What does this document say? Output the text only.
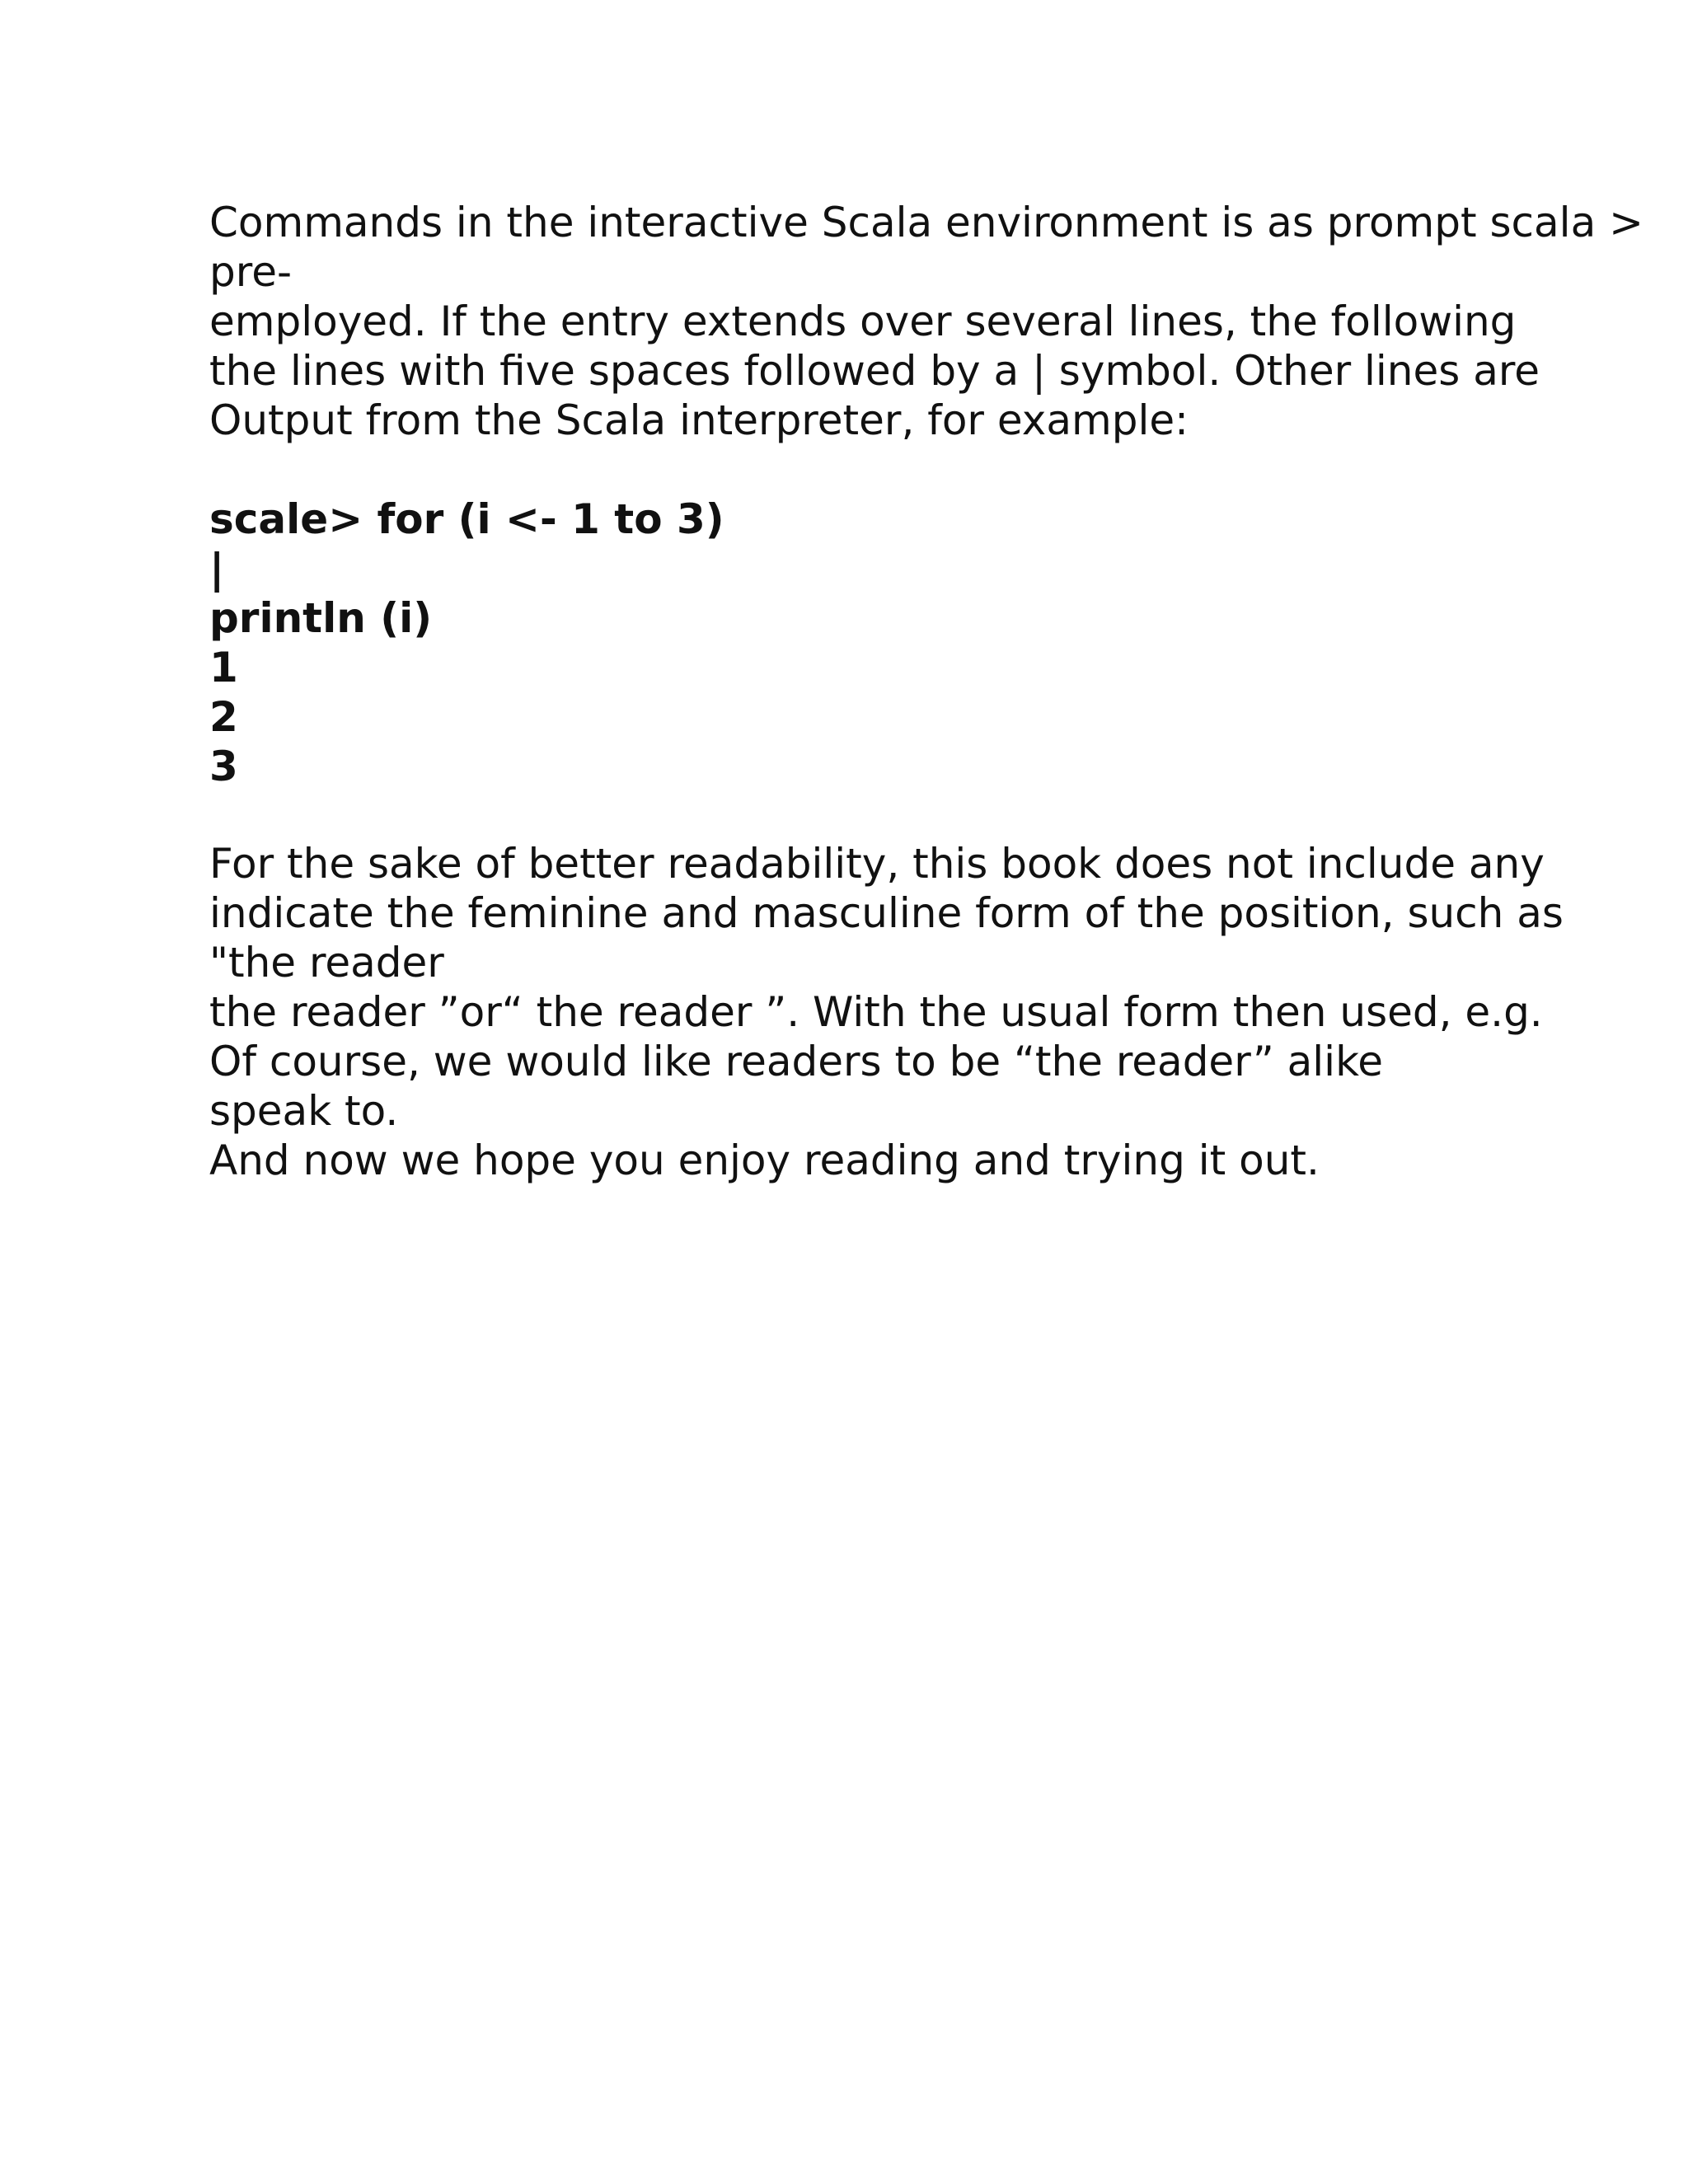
Commands in the interactive Scala environment is as prompt scala >
pre-
employed. If the entry extends over several lines, the following
the lines with five spaces followed by a | symbol. Other lines are
Output from the Scala interpreter, for example:
scale> for (i <- 1 to 3)
|
println (i)
1
2
3
For the sake of better readability, this book does not include any
indicate the feminine and masculine form of the position, such as
"the reader
the reader ”or“ the reader ”. With the usual form then used, e.g.
Of course, we would like readers to be “the reader” alike
speak to.
And now we hope you enjoy reading and trying it out.
